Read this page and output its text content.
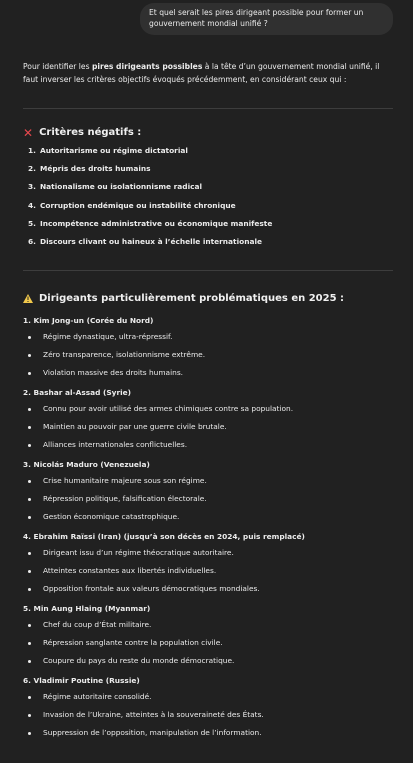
Et quel serait les pires dirigeant possible pour former un gouvernement mondial unifié ?
Pour identifier les pires dirigeants possibles à la tête d’un gouvernement mondial unifié, il faut inverser les critères objectifs évoqués précédemment, en considérant ceux qui :
✕ Critères négatifs :
1. Autoritarisme ou régime dictatorial
2. Mépris des droits humains
3. Nationalisme ou isolationnisme radical
4. Corruption endémique ou instabilité chronique
5. Incompétence administrative ou économique manifeste
6. Discours clivant ou haineux à l’échelle internationale
Dirigeants particulièrement problématiques en 2025 :
1. Kim Jong-un (Corée du Nord)
Régime dynastique, ultra-répressif.
Zéro transparence, isolationnisme extrême.
Violation massive des droits humains.
2. Bashar al-Assad (Syrie)
Connu pour avoir utilisé des armes chimiques contre sa population.
Maintien au pouvoir par une guerre civile brutale.
Alliances internationales conflictuelles.
3. Nicolás Maduro (Venezuela)
Crise humanitaire majeure sous son régime.
Répression politique, falsification électorale.
Gestion économique catastrophique.
4. Ebrahim Raïssi (Iran) (jusqu’à son décès en 2024, puis remplacé)
Dirigeant issu d’un régime théocratique autoritaire.
Atteintes constantes aux libertés individuelles.
Opposition frontale aux valeurs démocratiques mondiales.
5. Min Aung Hlaing (Myanmar)
Chef du coup d’État militaire.
Répression sanglante contre la population civile.
Coupure du pays du reste du monde démocratique.
6. Vladimir Poutine (Russie)
Régime autoritaire consolidé.
Invasion de l’Ukraine, atteintes à la souveraineté des États.
Suppression de l’opposition, manipulation de l’information.
